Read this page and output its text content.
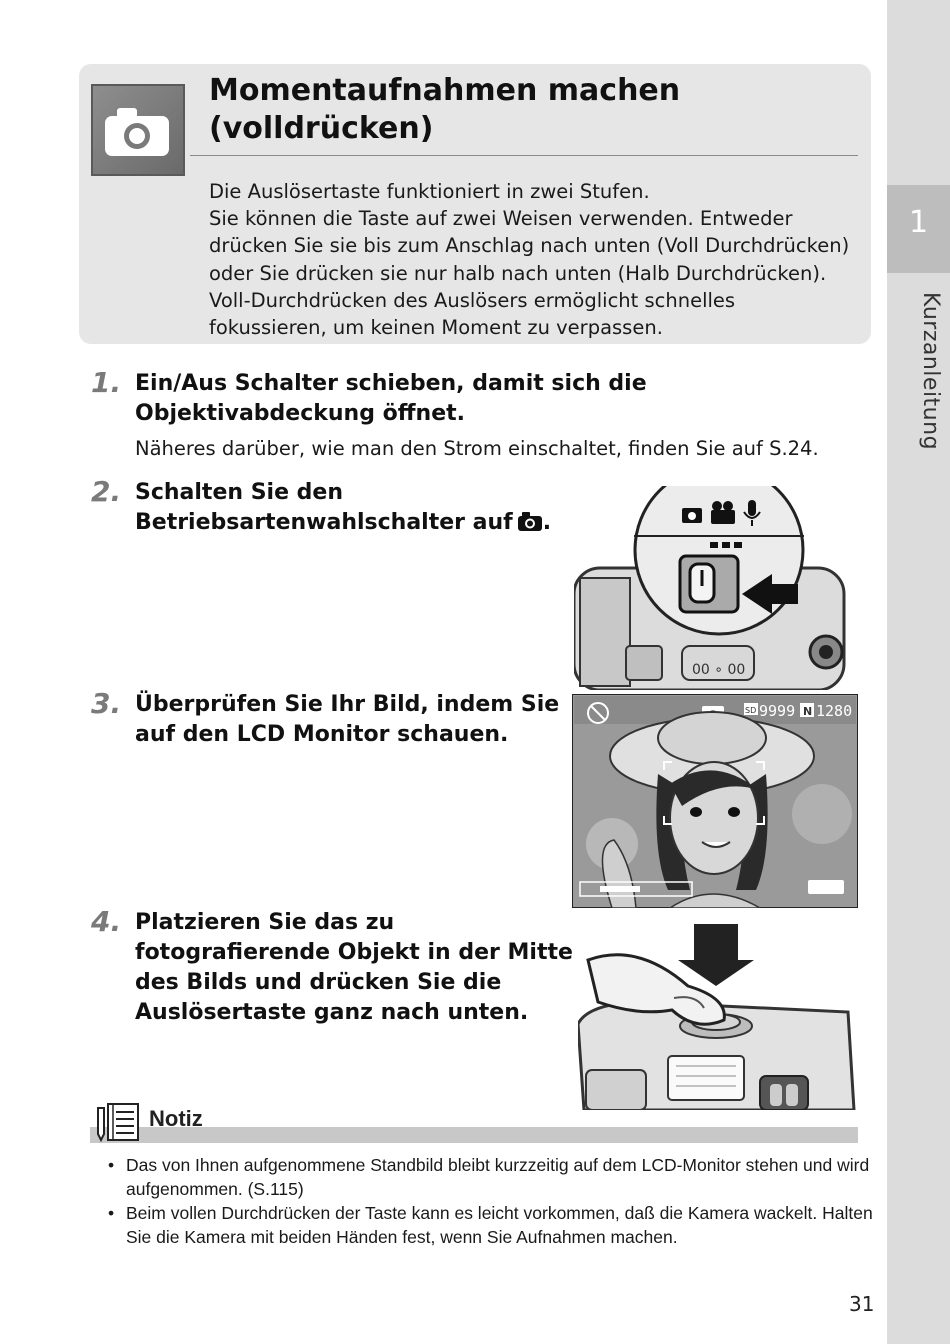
1
Kurzanleitung
Momentaufnahmen machen
(volldrücken)
Die Auslösertaste funktioniert in zwei Stufen.
Sie können die Taste auf zwei Weisen verwenden. Entweder
drücken Sie sie bis zum Anschlag nach unten (Voll Durchdrücken)
oder Sie drücken sie nur halb nach unten (Halb Durchdrücken).
Voll-Durchdrücken des Auslösers ermöglicht schnelles
fokussieren, um keinen Moment zu verpassen.
1. Ein/Aus Schalter schieben, damit sich die
Objektivabdeckung öffnet.
Näheres darüber, wie man den Strom einschaltet, finden Sie auf S.24.
2. Schalten Sie den
Betriebsartenwahlschalter auf .
00 ∘ 00
3. Überprüfen Sie Ihr Bild, indem Sie
auf den LCD Monitor schauen.
SD 9999 N 1280
4. Platzieren Sie das zu
fotografierende Objekt in der Mitte
des Bilds und drücken Sie die
Auslösertaste ganz nach unten.
Notiz
• Das von Ihnen aufgenommene Standbild bleibt kurzzeitig auf dem LCD-Monitor stehen und wird
aufgenommen. (S.115)
• Beim vollen Durchdrücken der Taste kann es leicht vorkommen, daß die Kamera wackelt. Halten
Sie die Kamera mit beiden Händen fest, wenn Sie Aufnahmen machen.
31
